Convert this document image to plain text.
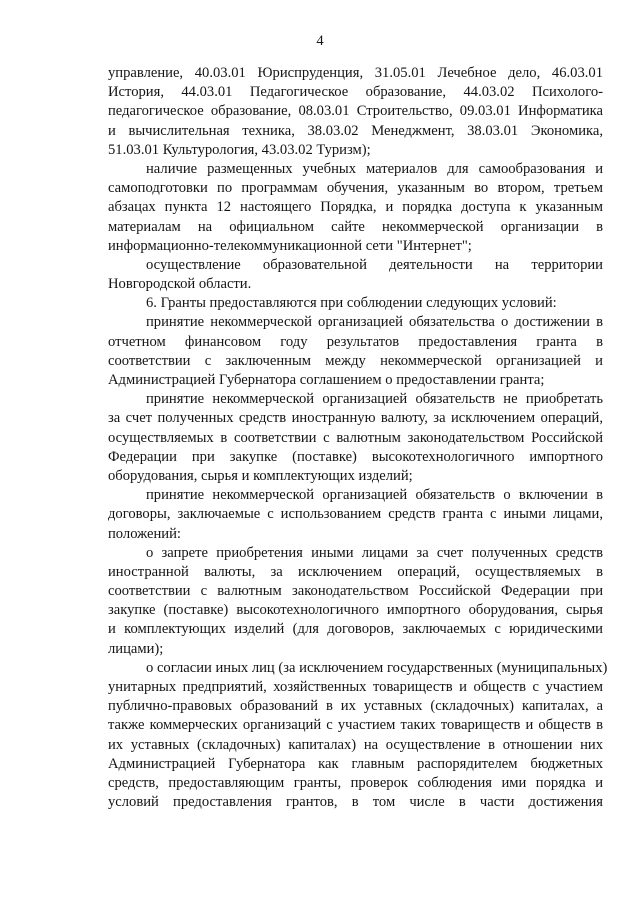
4
управление, 40.03.01 Юриспруденция, 31.05.01 Лечебное дело, 46.03.01
История, 44.03.01 Педагогическое образование, 44.03.02 Психолого-
педагогическое образование, 08.03.01 Строительство, 09.03.01 Информатика
и вычислительная техника, 38.03.02 Менеджмент, 38.03.01 Экономика,
51.03.01 Культурология, 43.03.02 Туризм);
наличие размещенных учебных материалов для самообразования и
самоподготовки по программам обучения, указанным во втором, третьем
абзацах пункта 12 настоящего Порядка, и порядка доступа к указанным
материалам на официальном сайте некоммерческой организации в
информационно-телекоммуникационной сети "Интернет";
осуществление образовательной деятельности на территории
Новгородской области.
6. Гранты предоставляются при соблюдении следующих условий:
принятие некоммерческой организацией обязательства о достижении в
отчетном финансовом году результатов предоставления гранта в
соответствии с заключенным между некоммерческой организацией и
Администрацией Губернатора соглашением о предоставлении гранта;
принятие некоммерческой организацией обязательств не приобретать
за счет полученных средств иностранную валюту, за исключением операций,
осуществляемых в соответствии с валютным законодательством Российской
Федерации при закупке (поставке) высокотехнологичного импортного
оборудования, сырья и комплектующих изделий;
принятие некоммерческой организацией обязательств о включении в
договоры, заключаемые с использованием средств гранта с иными лицами,
положений:
о запрете приобретения иными лицами за счет полученных средств
иностранной валюты, за исключением операций, осуществляемых в
соответствии с валютным законодательством Российской Федерации при
закупке (поставке) высокотехнологичного импортного оборудования, сырья
и комплектующих изделий (для договоров, заключаемых с юридическими
лицами);
о согласии иных лиц (за исключением государственных (муниципальных)
унитарных предприятий, хозяйственных товариществ и обществ с участием
публично-правовых образований в их уставных (складочных) капиталах, а
также коммерческих организаций с участием таких товариществ и обществ в
их уставных (складочных) капиталах) на осуществление в отношении них
Администрацией Губернатора как главным распорядителем бюджетных
средств, предоставляющим гранты, проверок соблюдения ими порядка и
условий предоставления грантов, в том числе в части достижения
